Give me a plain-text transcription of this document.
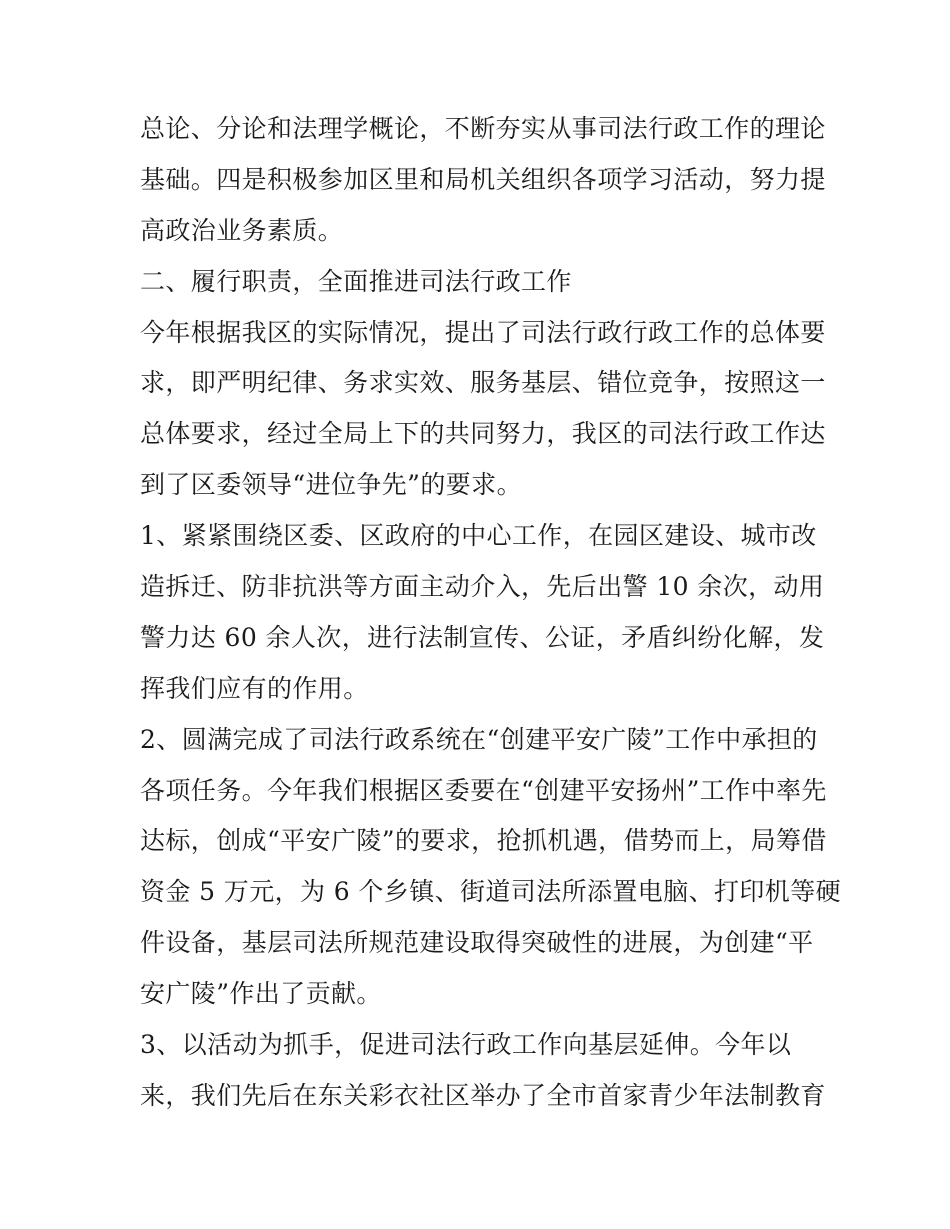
总论、分论和法理学概论，不断夯实从事司法行政工作的理论
基础。四是积极参加区里和局机关组织各项学习活动，努力提
高政治业务素质。
二、履行职责，全面推进司法行政工作
今年根据我区的实际情况，提出了司法行政行政工作的总体要
求，即严明纪律、务求实效、服务基层、错位竞争，按照这一
总体要求，经过全局上下的共同努力，我区的司法行政工作达
到了区委领导“进位争先”的要求。
1、紧紧围绕区委、区政府的中心工作，在园区建设、城市改
造拆迁、防非抗洪等方面主动介入，先后出警 10 余次，动用
警力达 60 余人次，进行法制宣传、公证，矛盾纠纷化解，发
挥我们应有的作用。
2、圆满完成了司法行政系统在“创建平安广陵”工作中承担的
各项任务。今年我们根据区委要在“创建平安扬州”工作中率先
达标，创成“平安广陵”的要求，抢抓机遇，借势而上，局筹借
资金 5 万元，为 6 个乡镇、街道司法所添置电脑、打印机等硬
件设备，基层司法所规范建设取得突破性的进展，为创建“平
安广陵”作出了贡献。
3、以活动为抓手，促进司法行政工作向基层延伸。今年以
来，我们先后在东关彩衣社区举办了全市首家青少年法制教育
